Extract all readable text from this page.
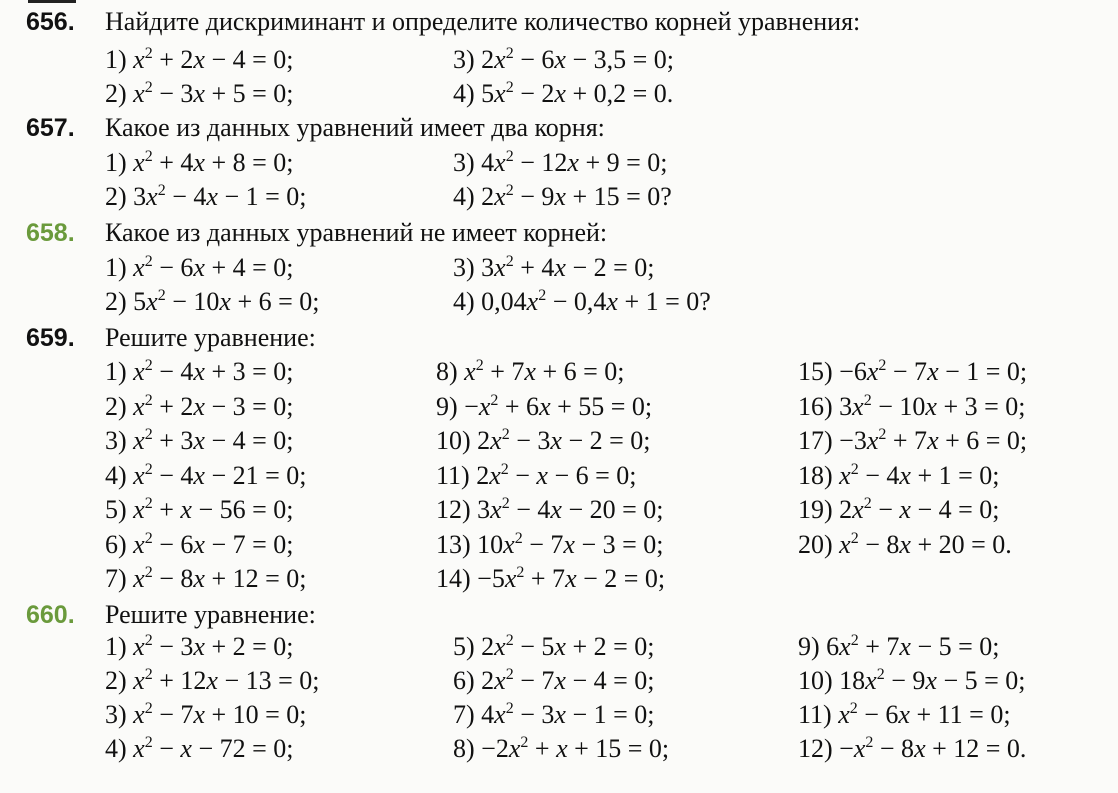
656. Найдите дискриминант и определите количество корней уравнения:
657. Какое из данных уравнений имеет два корня:
658. Какое из данных уравнений не имеет корней:
659. Решите уравнение:
660. Решите уравнение:
1) $x^2 + 2x - 4 = 0$;
2) $x^2 - 3x + 5 = 0$;
3) $2x^2 - 6x - 3,5 = 0$;
4) $5x^2 - 2x + 0,2 = 0$.
1) $x^2 + 4x + 8 = 0$;
2) $3x^2 - 4x - 1 = 0$;
3) $4x^2 - 12x + 9 = 0$;
4) $2x^2 - 9x + 15 = 0$?
1) $x^2 - 6x + 4 = 0$;
2) $5x^2 - 10x + 6 = 0$;
3) $3x^2 + 4x - 2 = 0$;
4) $0,04x^2 - 0,4x + 1 = 0$?
1) $x^2 - 4x + 3 = 0$;
2) $x^2 + 2x - 3 = 0$;
3) $x^2 + 3x - 4 = 0$;
4) $x^2 - 4x - 21 = 0$;
5) $x^2 + x - 56 = 0$;
6) $x^2 - 6x - 7 = 0$;
7) $x^2 - 8x + 12 = 0$;
8) $x^2 + 7x + 6 = 0$;
$9) -x^2 + 6x + 55 = 0$;
10) $2x^2 - 3x - 2 = 0$;
11) $2x^2 - x - 6 = 0$;
12) $3x^2 - 4x - 20 = 0$;
13) $10x^2 - 7x - 3 = 0$;
$14) -5x^2 + 7x - 2 = 0$;
$15) -6x^2 - 7x - 1 = 0$;
16) $3x^2 - 10x + 3 = 0$;
$17) -3x^2 + 7x + 6 = 0$;
18) $x^2 - 4x + 1 = 0$;
19) $2x^2 - x - 4 = 0$;
20) $x^2 - 8x + 20 = 0$.
1) $x^2 - 3x + 2 = 0$;
2) $x^2 + 12x - 13 = 0$;
3) $x^2 - 7x + 10 = 0$;
4) $x^2 - x - 72 = 0$;
5) $2x^2 - 5x + 2 = 0$;
6) $2x^2 - 7x - 4 = 0$;
7) $4x^2 - 3x - 1 = 0$;
$8) -2x^2 + x + 15 = 0$;
9) $6x^2 + 7x - 5 = 0$;
10) $18x^2 - 9x - 5 = 0$;
11) $x^2 - 6x + 11 = 0$;
$12) -x^2 - 8x + 12 = 0$.
